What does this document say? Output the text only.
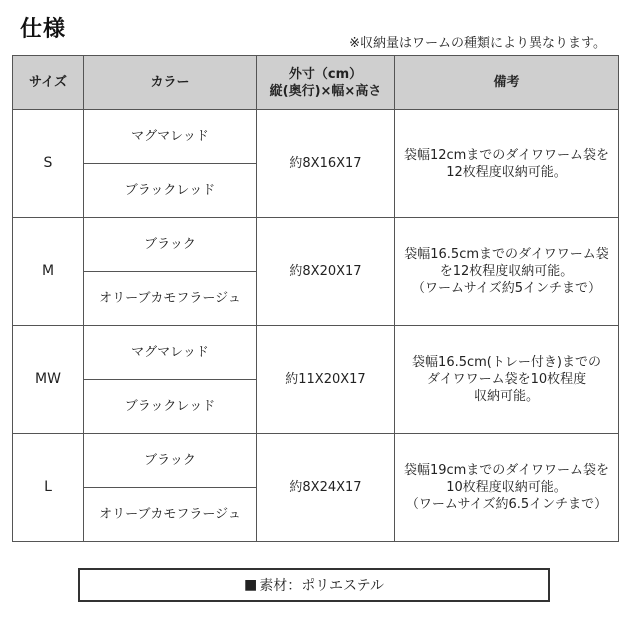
仕様
※収納量はワームの種類により異なります。
サイズ	カラー	外寸（cm）
縦(奥行)×幅×高さ	備考
S	マグマレッド	約8X16X17	袋幅12cmまでのダイワワーム袋を
12枚程度収納可能。

	ブラックレッド		
M	ブラック	約8X20X17	袋幅16.5cmまでのダイワワーム袋
を12枚程度収納可能。
（ワームサイズ約5インチまで）

	オリーブカモフラージュ		
MW	マグマレッド	約11X20X17	袋幅16.5cm(トレー付き)までの
ダイワワーム袋を10枚程度
収納可能。

	ブラックレッド		
L	ブラック	約8X24X17	袋幅19cmまでのダイワワーム袋を
10枚程度収納可能。
（ワームサイズ約6.5インチまで）

	オリーブカモフラージュ		
■ 素材：ポリエステル
